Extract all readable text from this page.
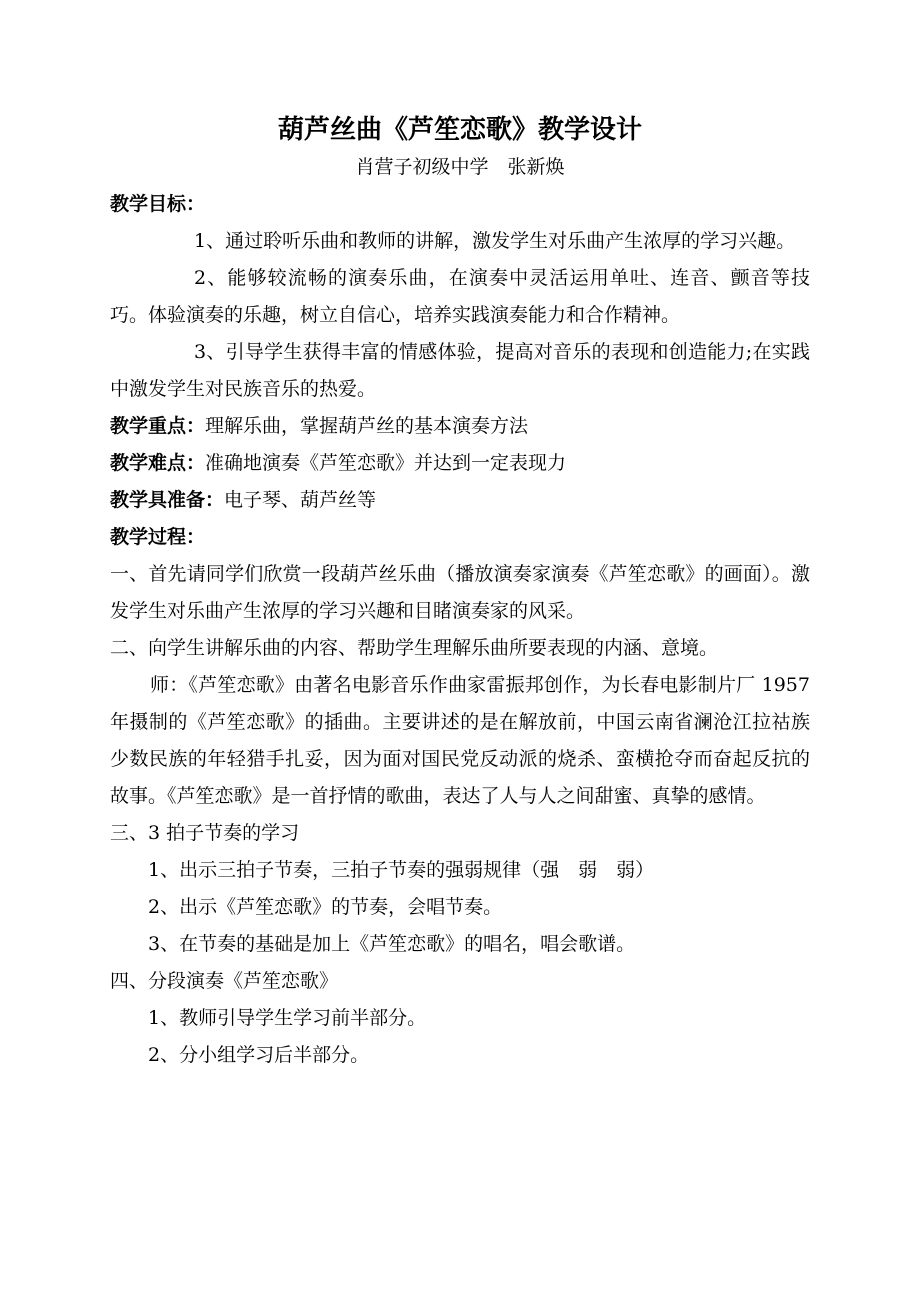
葫芦丝曲《芦笙恋歌》教学设计
肖营子初级中学　张新焕
教学目标：

1、通过聆听乐曲和教师的讲解，激发学生对乐曲产生浓厚的学习兴趣。

2、能够较流畅的演奏乐曲，在演奏中灵活运用单吐、连音、颤音等技巧。体验演奏的乐趣，树立自信心，培养实践演奏能力和合作精神。

3、引导学生获得丰富的情感体验，提高对音乐的表现和创造能力;在实践中激发学生对民族音乐的热爱。

教学重点：理解乐曲，掌握葫芦丝的基本演奏方法
教学难点：准确地演奏《芦笙恋歌》并达到一定表现力
教学具准备：电子琴、葫芦丝等
教学过程：

一、首先请同学们欣赏一段葫芦丝乐曲（播放演奏家演奏《芦笙恋歌》的画面）。激发学生对乐曲产生浓厚的学习兴趣和目睹演奏家的风采。

二、向学生讲解乐曲的内容、帮助学生理解乐曲所要表现的内涵、意境。

师：《芦笙恋歌》由著名电影音乐作曲家雷振邦创作，为长春电影制片厂 1957 年摄制的《芦笙恋歌》的插曲。主要讲述的是在解放前，中国云南省澜沧江拉祜族少数民族的年轻猎手扎妥，因为面对国民党反动派的烧杀、蛮横抢夺而奋起反抗的故事。《芦笙恋歌》是一首抒情的歌曲，表达了人与人之间甜蜜、真挚的感情。

三、3 拍子节奏的学习

1、出示三拍子节奏，三拍子节奏的强弱规律（强　弱　弱）

2、出示《芦笙恋歌》的节奏，会唱节奏。

3、在节奏的基础是加上《芦笙恋歌》的唱名，唱会歌谱。

四、分段演奏《芦笙恋歌》

1、教师引导学生学习前半部分。

2、分小组学习后半部分。
